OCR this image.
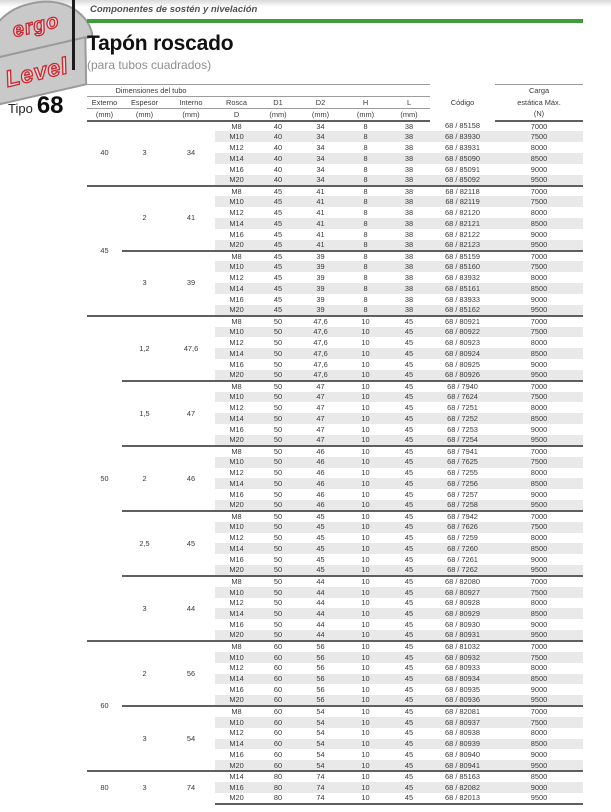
ergo
Level
Componentes de sostén y nivelación
Tapón roscado
(para tubos cuadrados)
Tipo 68
Dimensiones del tubo								Código	Carga
Externo	Espesor	Interno	Rosca	D1	D2	H	L		estática Máx.
(mm)	(mm)	(mm)	D	(mm)	(mm)	(mm)	(mm)		(N)
40	3	34	M8	40	34	8	38	68 / 85158	7000
			M10	40	34	8	38	68 / 83930	7500
			M12	40	34	8	38	68 / 83931	8000
			M14	40	34	8	38	68 / 85090	8500
			M16	40	34	8	38	68 / 85091	9000
			M20	40	34	8	38	68 / 85092	9500
45	2	41	M8	45	41	8	38	68 / 82118	7000
			M10	45	41	8	38	68 / 82119	7500
			M12	45	41	8	38	68 / 82120	8000
			M14	45	41	8	38	68 / 82121	8500
			M16	45	41	8	38	68 / 82122	9000
			M20	45	41	8	38	68 / 82123	9500
	3	39	M8	45	39	8	38	68 / 85159	7000
			M10	45	39	8	38	68 / 85160	7500
			M12	45	39	8	38	68 / 83932	8000
			M14	45	39	8	38	68 / 85161	8500
			M16	45	39	8	38	68 / 83933	9000
			M20	45	39	8	38	68 / 85162	9500
50	1,2	47,6	M8	50	47,6	10	45	68 / 80921	7000
			M10	50	47,6	10	45	68 / 80922	7500
			M12	50	47,6	10	45	68 / 80923	8000
			M14	50	47,6	10	45	68 / 80924	8500
			M16	50	47,6	10	45	68 / 80925	9000
			M20	50	47,6	10	45	68 / 80926	9500
	1,5	47	M8	50	47	10	45	68 / 7940	7000
			M10	50	47	10	45	68 / 7624	7500
			M12	50	47	10	45	68 / 7251	8000
			M14	50	47	10	45	68 / 7252	8500
			M16	50	47	10	45	68 / 7253	9000
			M20	50	47	10	45	68 / 7254	9500
	2	46	M8	50	46	10	45	68 / 7941	7000
			M10	50	46	10	45	68 / 7625	7500
			M12	50	46	10	45	68 / 7255	8000
			M14	50	46	10	45	68 / 7256	8500
			M16	50	46	10	45	68 / 7257	9000
			M20	50	46	10	45	68 / 7258	9500
	2,5	45	M8	50	45	10	45	68 / 7942	7000
			M10	50	45	10	45	68 / 7626	7500
			M12	50	45	10	45	68 / 7259	8000
			M14	50	45	10	45	68 / 7260	8500
			M16	50	45	10	45	68 / 7261	9000
			M20	50	45	10	45	68 / 7262	9500
	3	44	M8	50	44	10	45	68 / 82080	7000
			M10	50	44	10	45	68 / 80927	7500
			M12	50	44	10	45	68 / 80928	8000
			M14	50	44	10	45	68 / 80929	8500
			M16	50	44	10	45	68 / 80930	9000
			M20	50	44	10	45	68 / 80931	9500
60	2	56	M8	60	56	10	45	68 / 81032	7000
			M10	60	56	10	45	68 / 80932	7500
			M12	60	56	10	45	68 / 80933	8000
			M14	60	56	10	45	68 / 80934	8500
			M16	60	56	10	45	68 / 80935	9000
			M20	60	56	10	45	68 / 80936	9500
	3	54	M8	60	54	10	45	68 / 82081	7000
			M10	60	54	10	45	68 / 80937	7500
			M12	60	54	10	45	68 / 80938	8000
			M14	60	54	10	45	68 / 80939	8500
			M16	60	54	10	45	68 / 80940	9000
			M20	60	54	10	45	68 / 80941	9500
80	3	74	M14	80	74	10	45	68 / 85163	8500
			M16	80	74	10	45	68 / 82082	9000
			M20	80	74	10	45	68 / 82013	9500
